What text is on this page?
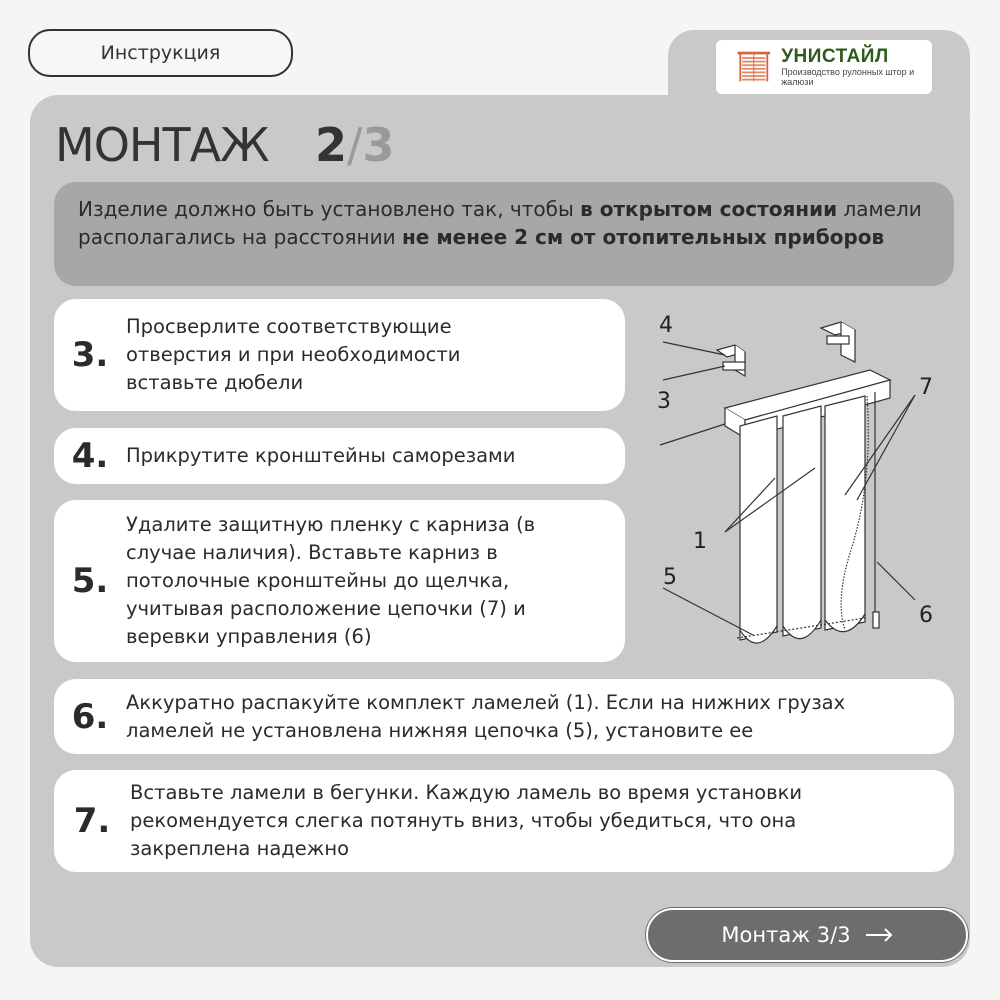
Инструкция	УНИСТАЙЛ
Производство рулонных штор и жалюзи
МОНТАЖ 2/3
Изделие должно быть установлено так, чтобы в открытом состоянии ламели располагались на расстоянии не менее 2 см от отопительных приборов
3.
Просверлите соответствующие отверстия и при необходимости вставьте дюбели
4. Прикрутите кронштейны саморезами
5.
Удалите защитную пленку с карниза (в случае наличия). Вставьте карниз в потолочные кронштейны до щелчка, учитывая расположение цепочки (7) и веревки управления (6)
6. Аккуратно распакуйте комплект ламелей (1). Если на нижних грузах ламелей не установлена нижняя цепочка (5), установите ее
7.
Вставьте ламели в бегунки. Каждую ламель во время установки рекомендуется слегка потянуть вниз, чтобы убедиться, что она закреплена надежно
4
3
7
1
5
6
Монтаж 3/3
